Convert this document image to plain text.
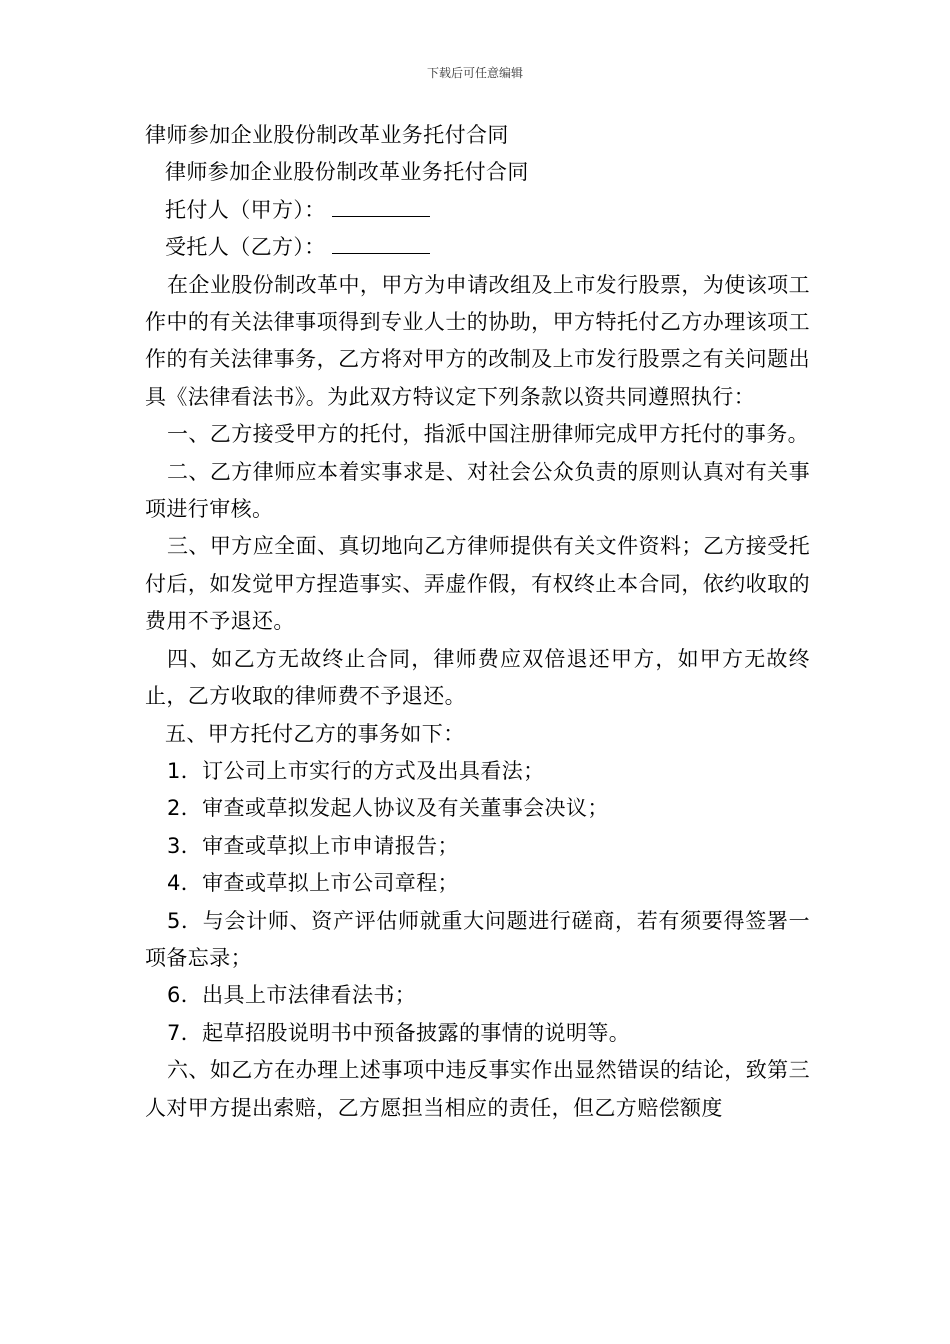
下载后可任意编辑

律师参加企业股份制改革业务托付合同

律师参加企业股份制改革业务托付合同

托付人（甲方）：

受托人（乙方）：

在企业股份制改革中，甲方为申请改组及上市发行股票，为使该项工作中的有关法律事项得到专业人士的协助，甲方特托付乙方办理该项工作的有关法律事务，乙方将对甲方的改制及上市发行股票之有关问题出具《法律看法书》。为此双方特议定下列条款以资共同遵照执行：

一、乙方接受甲方的托付，指派中国注册律师完成甲方托付的事务。

二、乙方律师应本着实事求是、对社会公众负责的原则认真对有关事项进行审核。

三、甲方应全面、真切地向乙方律师提供有关文件资料；乙方接受托付后，如发觉甲方捏造事实、弄虚作假，有权终止本合同，依约收取的费用不予退还。

四、如乙方无故终止合同，律师费应双倍退还甲方，如甲方无故终止，乙方收取的律师费不予退还。

五、甲方托付乙方的事务如下：

1．订公司上市实行的方式及出具看法；

2．审查或草拟发起人协议及有关董事会决议；

3．审查或草拟上市申请报告；

4．审查或草拟上市公司章程；

5．与会计师、资产评估师就重大问题进行磋商，若有须要得签署一项备忘录；

6．出具上市法律看法书；

7．起草招股说明书中预备披露的事情的说明等。

六、如乙方在办理上述事项中违反事实作出显然错误的结论，致第三人对甲方提出索赔，乙方愿担当相应的责任，但乙方赔偿额度
